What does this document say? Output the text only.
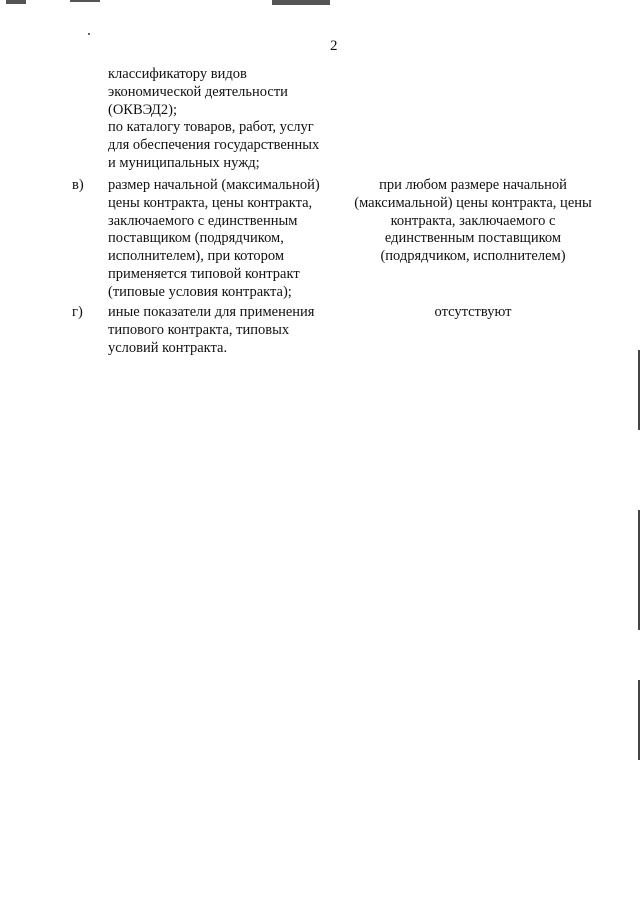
2
классификатору видов
экономической деятельности
(ОКВЭД2);
по каталогу товаров, работ, услуг
для обеспечения государственных
и муниципальных нужд;
в) размер начальной (максимальной)
цены контракта, цены контракта,
заключаемого с единственным
поставщиком (подрядчиком,
исполнителем), при котором
применяется типовой контракт
(типовые условия контракта);
при любом размере начальной
(максимальной) цены контракта, цены
контракта, заключаемого с
единственным поставщиком
(подрядчиком, исполнителем)
г) иные показатели для применения
типового контракта, типовых
условий контракта.
отсутствуют
